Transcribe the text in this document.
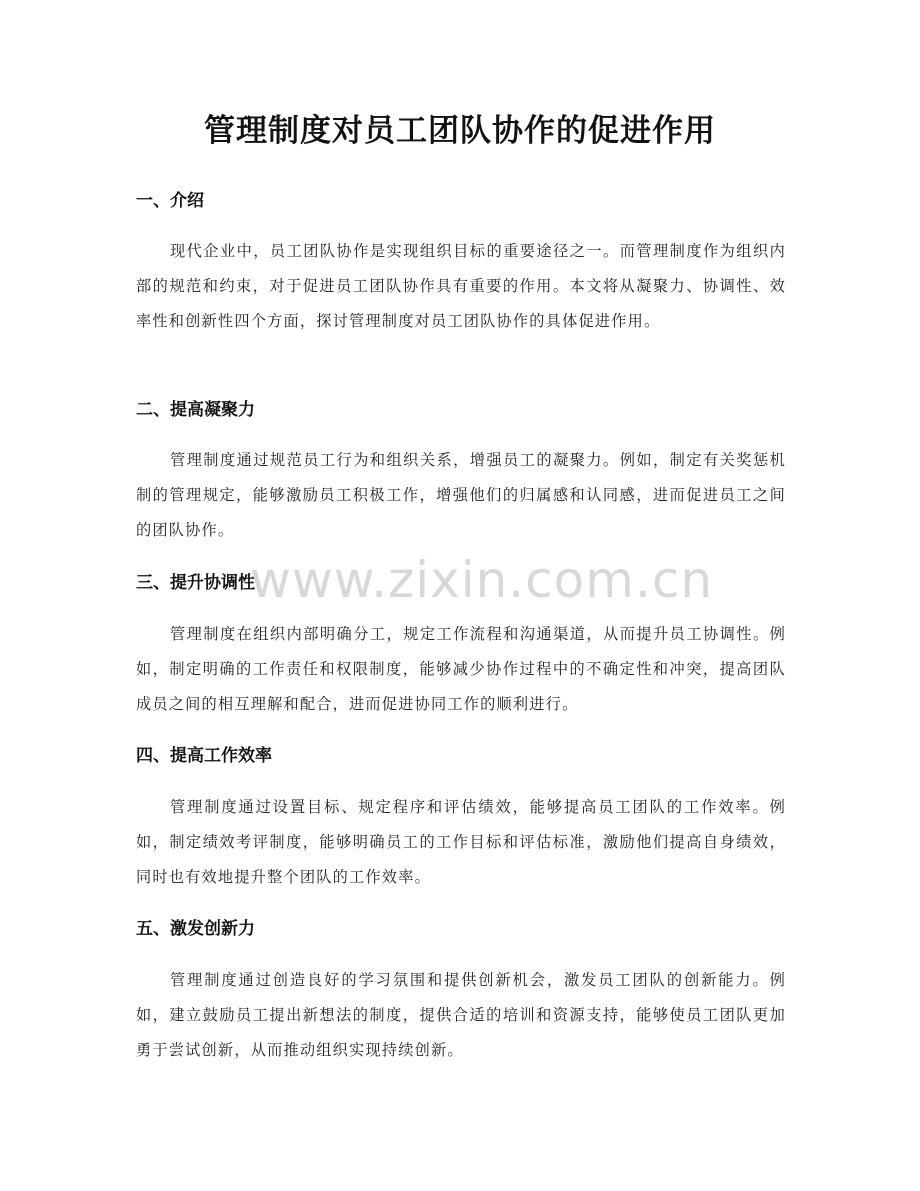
www.zixin.com.cn
管理制度对员工团队协作的促进作用
一、介绍

现代企业中，员工团队协作是实现组织目标的重要途径之一。而管理制度作为组织内部的规范和约束，对于促进员工团队协作具有重要的作用。本文将从凝聚力、协调性、效率性和创新性四个方面，探讨管理制度对员工团队协作的具体促进作用。

二、提高凝聚力

管理制度通过规范员工行为和组织关系，增强员工的凝聚力。例如，制定有关奖惩机制的管理规定，能够激励员工积极工作，增强他们的归属感和认同感，进而促进员工之间的团队协作。

三、提升协调性

管理制度在组织内部明确分工，规定工作流程和沟通渠道，从而提升员工协调性。例如，制定明确的工作责任和权限制度，能够减少协作过程中的不确定性和冲突，提高团队成员之间的相互理解和配合，进而促进协同工作的顺利进行。

四、提高工作效率

管理制度通过设置目标、规定程序和评估绩效，能够提高员工团队的工作效率。例如，制定绩效考评制度，能够明确员工的工作目标和评估标准，激励他们提高自身绩效，同时也有效地提升整个团队的工作效率。

五、激发创新力

管理制度通过创造良好的学习氛围和提供创新机会，激发员工团队的创新能力。例如，建立鼓励员工提出新想法的制度，提供合适的培训和资源支持，能够使员工团队更加勇于尝试创新，从而推动组织实现持续创新。
